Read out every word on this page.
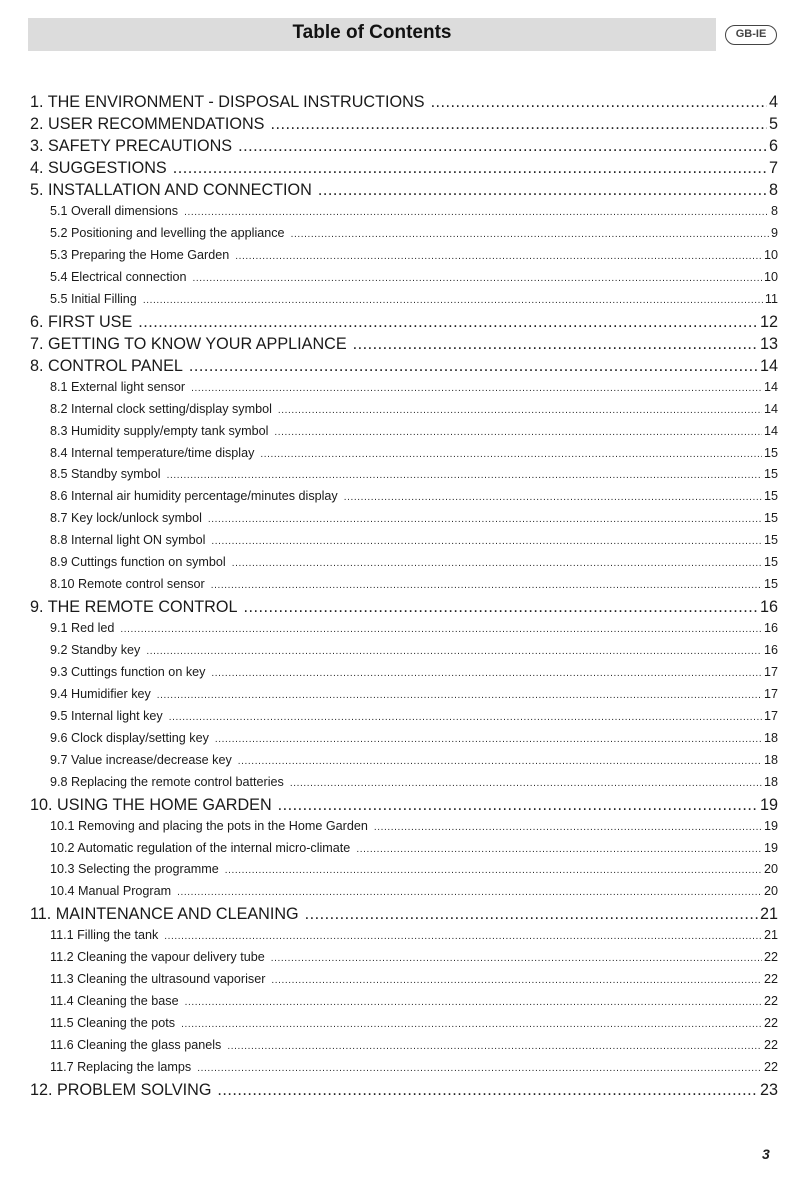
Table of Contents	GB-IE
1. THE ENVIRONMENT - DISPOSAL INSTRUCTIONS .....	4
2. USER RECOMMENDATIONS .....	5
3. SAFETY PRECAUTIONS .....	6
4. SUGGESTIONS .....	7
5. INSTALLATION AND CONNECTION .....	8
5.1 Overall dimensions .....	8
5.2 Positioning and levelling the appliance .....	9
5.3 Preparing the Home Garden .....	10
5.4 Electrical connection .....	10
5.5 Initial Filling .....	11
6. FIRST USE .....	12
7. GETTING TO KNOW YOUR APPLIANCE .....	13
8. CONTROL PANEL .....	14
8.1 External light sensor .....	14
8.2 Internal clock setting/display symbol .....	14
8.3 Humidity supply/empty tank symbol .....	14
8.4 Internal temperature/time display .....	15
8.5 Standby symbol .....	15
8.6 Internal air humidity percentage/minutes display .....	15
8.7 Key lock/unlock symbol .....	15
8.8 Internal light ON symbol .....	15
8.9 Cuttings function on symbol .....	15
8.10 Remote control sensor .....	15
9. THE REMOTE CONTROL .....	16
9.1 Red led .....	16
9.2 Standby key .....	16
9.3 Cuttings function on key .....	17
9.4 Humidifier key .....	17
9.5 Internal light key .....	17
9.6 Clock display/setting key .....	18
9.7 Value increase/decrease key .....	18
9.8 Replacing the remote control batteries .....	18
10. USING THE HOME GARDEN .....	19
10.1 Removing and placing the pots in the Home Garden .....	19
10.2 Automatic regulation of the internal micro-climate .....	19
10.3 Selecting the programme .....	20
10.4 Manual Program .....	20
11. MAINTENANCE AND CLEANING .....	21
11.1 Filling the tank .....	21
11.2 Cleaning the vapour delivery tube .....	22
11.3 Cleaning the ultrasound vaporiser .....	22
11.4 Cleaning the base .....	22
11.5 Cleaning the pots .....	22
11.6 Cleaning the glass panels .....	22
11.7 Replacing the lamps .....	22
12. PROBLEM SOLVING .....	23
3
